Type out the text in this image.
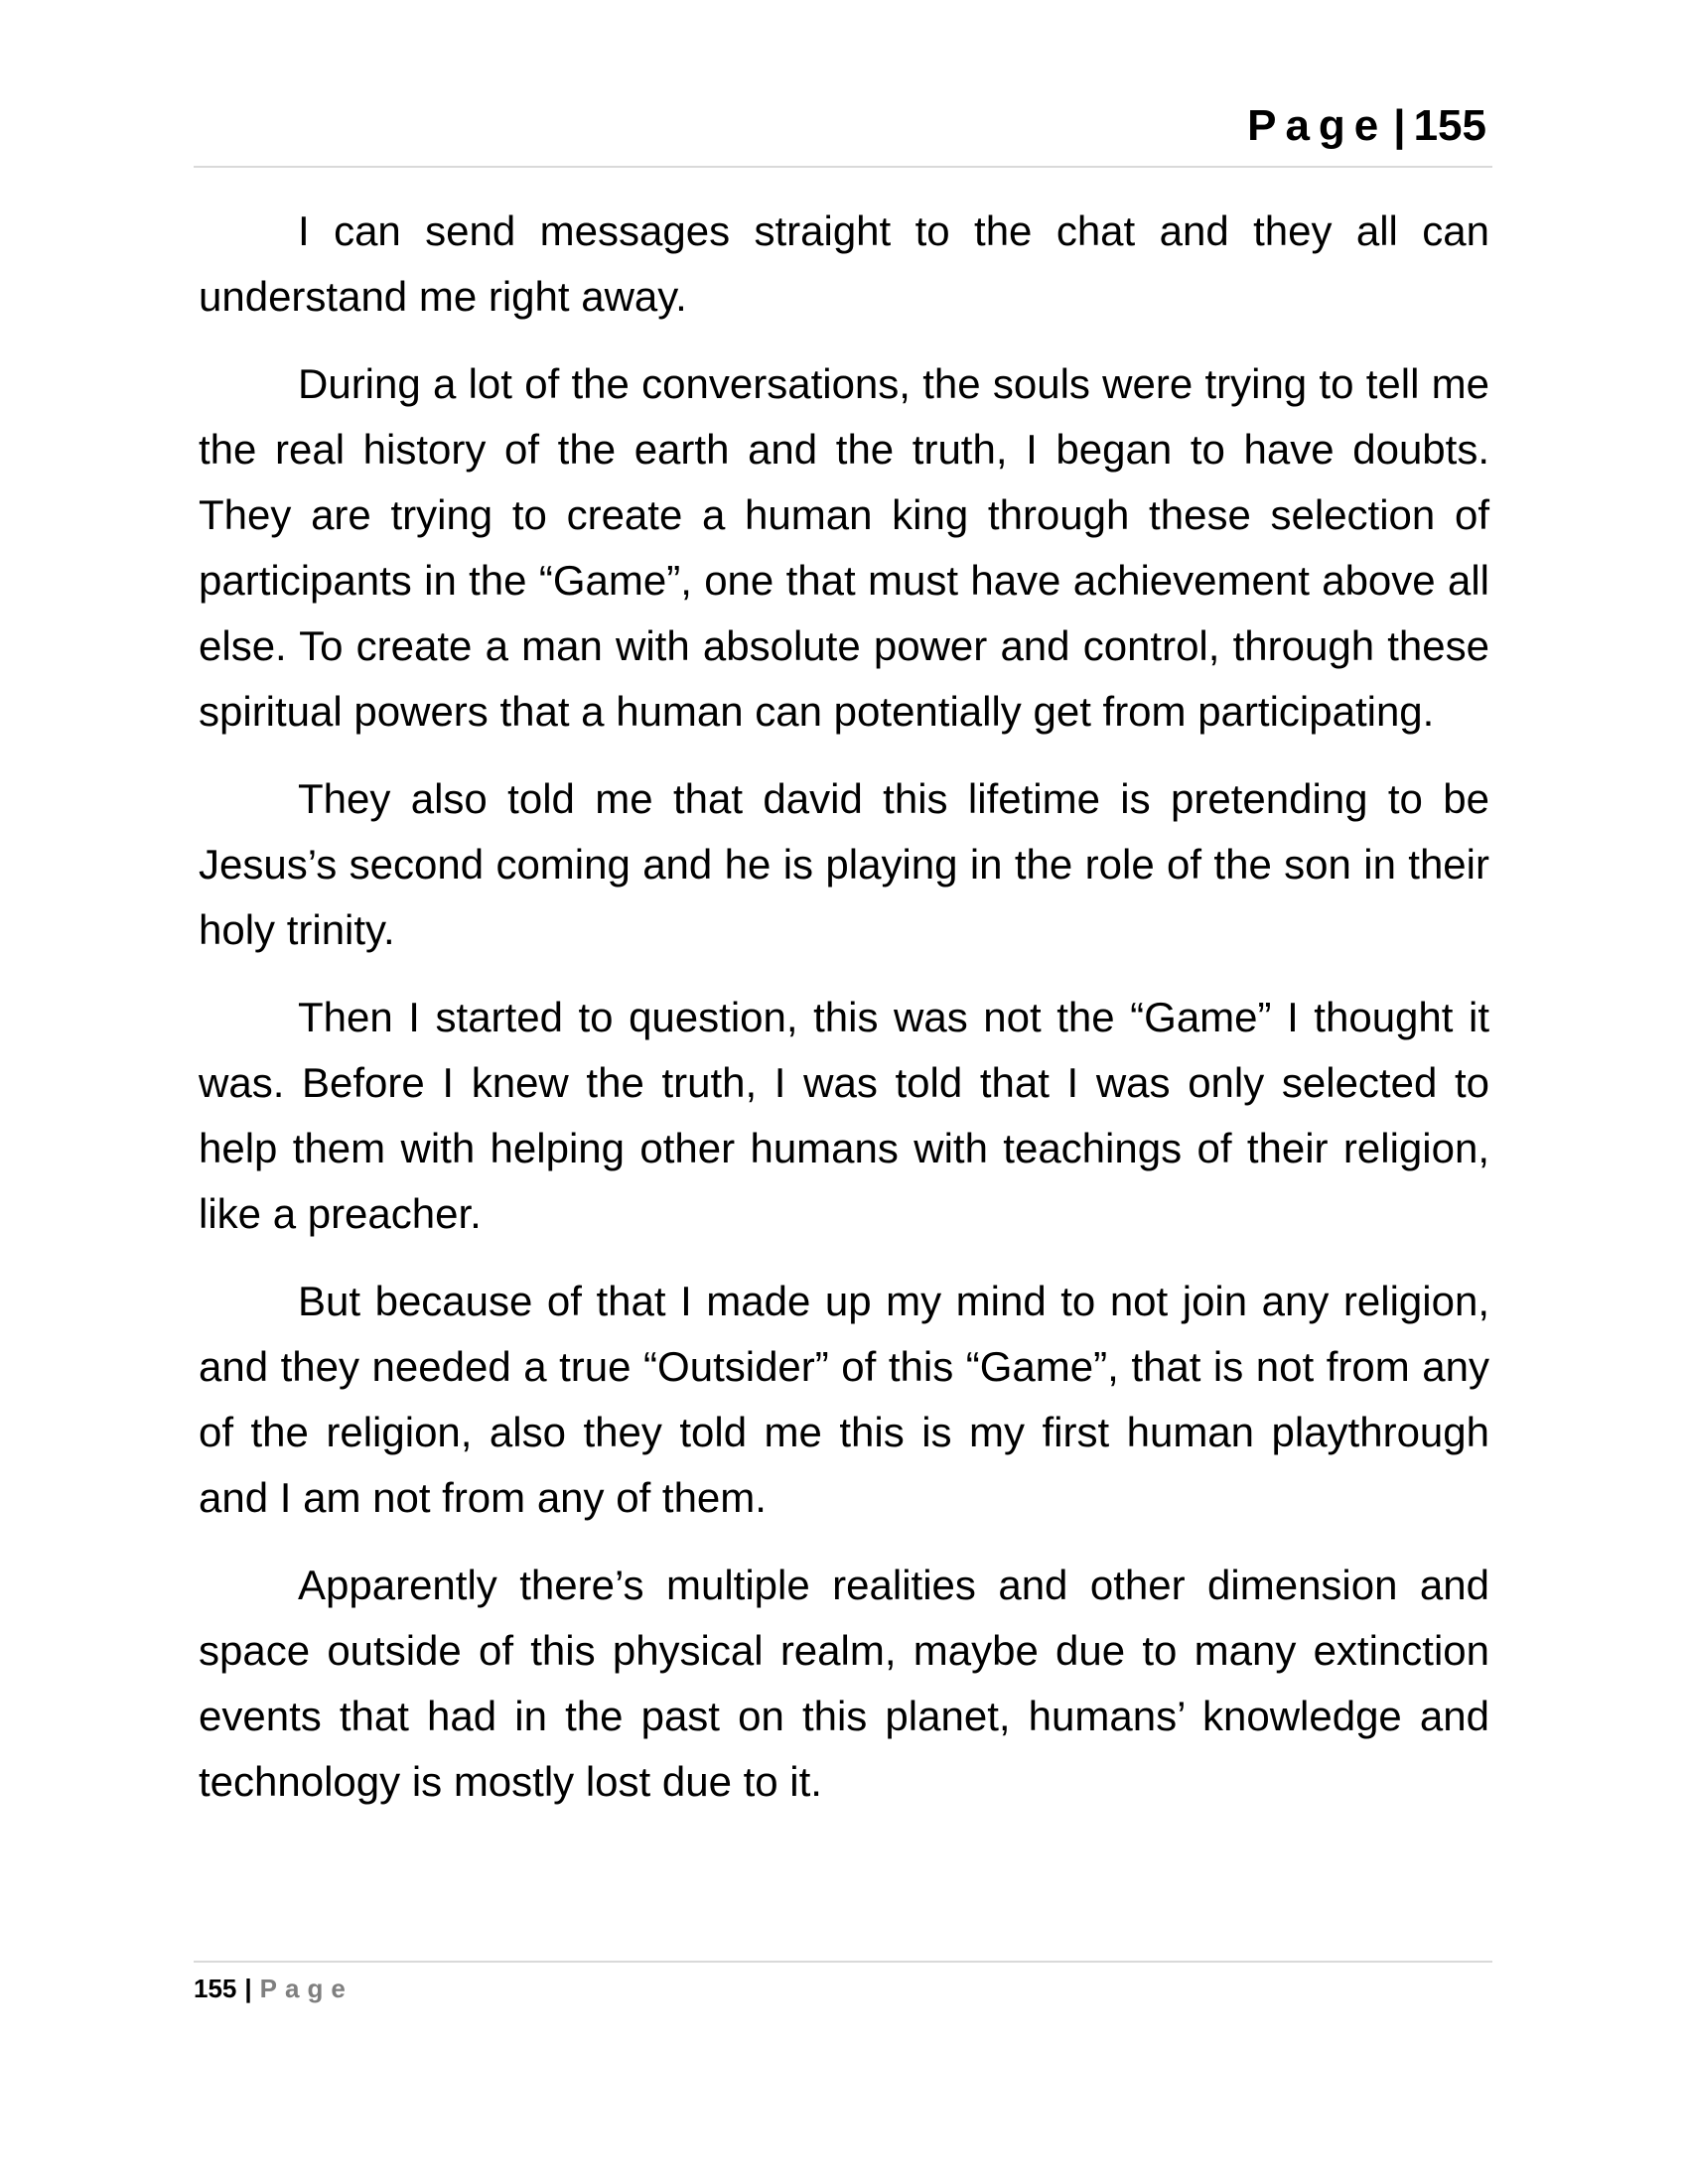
Page | 155

I can send messages straight to the chat and they all can understand me right away.

During a lot of the conversations, the souls were trying to tell me the real history of the earth and the truth, I began to have doubts. They are trying to create a human king through these selection of participants in the “Game”, one that must have achievement above all else. To create a man with absolute power and control, through these spiritual powers that a human can potentially get from participating.

They also told me that david this lifetime is pretending to be Jesus’s second coming and he is playing in the role of the son in their holy trinity.

Then I started to question, this was not the “Game” I thought it was. Before I knew the truth, I was told that I was only selected to help them with helping other humans with teachings of their religion, like a preacher.

But because of that I made up my mind to not join any religion, and they needed a true “Outsider” of this “Game”, that is not from any of the religion, also they told me this is my first human playthrough and I am not from any of them.

Apparently there’s multiple realities and other dimension and space outside of this physical realm, maybe due to many extinction events that had in the past on this planet, humans’ knowledge and technology is mostly lost due to it.

155 | Page
